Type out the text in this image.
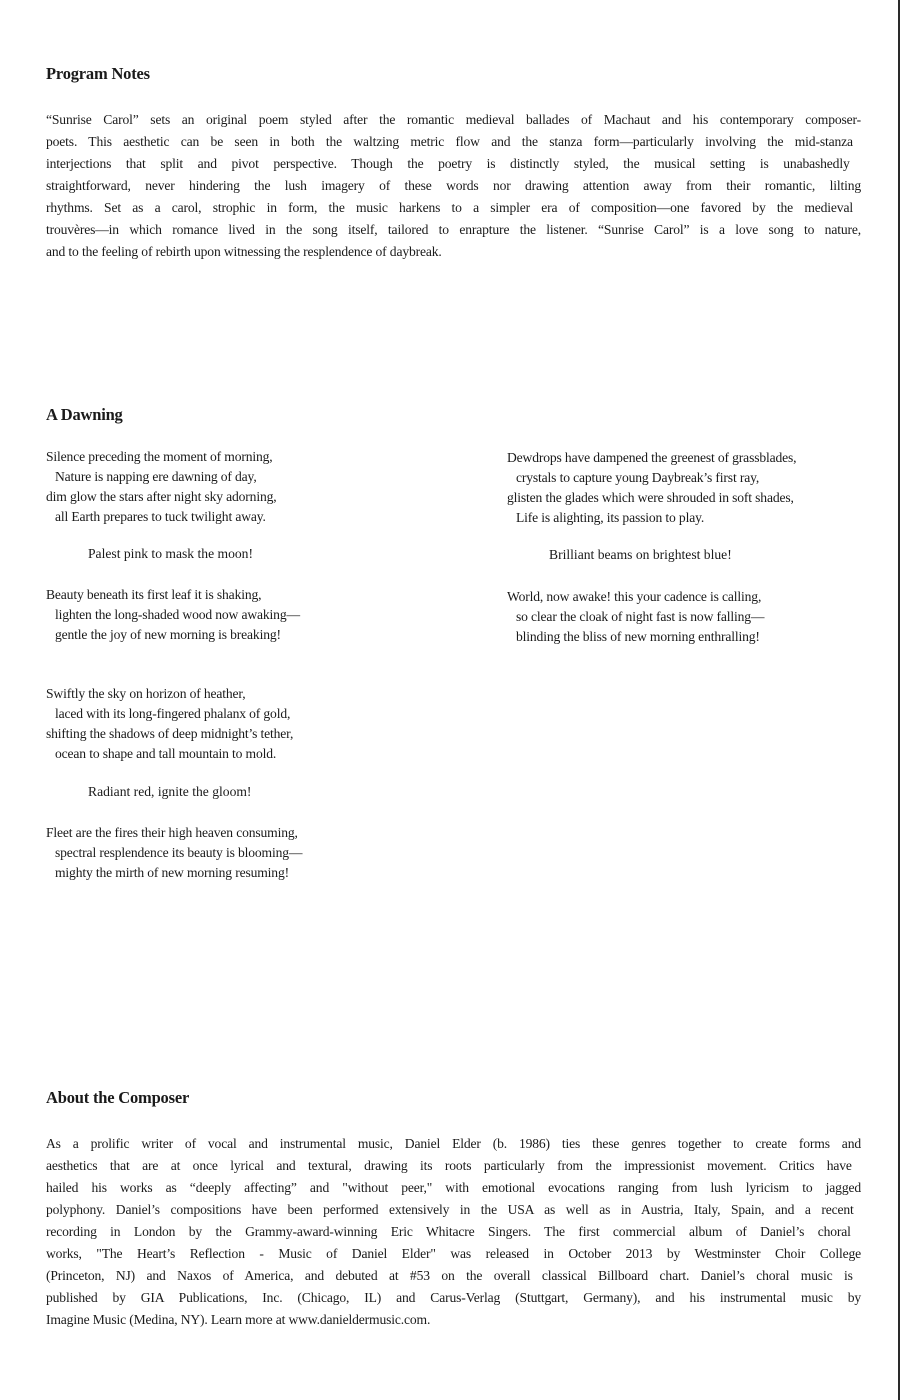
Program Notes
“Sunrise Carol” sets an original poem styled after the romantic medieval ballades of Machaut and his contemporary composer-
poets. This aesthetic can be seen in both the waltzing metric flow and the stanza form—particularly involving the mid-stanza
interjections that split and pivot perspective. Though the poetry is distinctly styled, the musical setting is unabashedly
straightforward, never hindering the lush imagery of these words nor drawing attention away from their romantic, lilting
rhythms. Set as a carol, strophic in form, the music harkens to a simpler era of composition—one favored by the medieval
trouvères—in which romance lived in the song itself, tailored to enrapture the listener. “Sunrise Carol” is a love song to nature,
and to the feeling of rebirth upon witnessing the resplendence of daybreak.
A Dawning
Silence preceding the moment of morning,
Nature is napping ere dawning of day,
dim glow the stars after night sky adorning,
all Earth prepares to tuck twilight away.
Palest pink to mask the moon!
Beauty beneath its first leaf it is shaking,
lighten the long-shaded wood now awaking—
gentle the joy of new morning is breaking!
Swiftly the sky on horizon of heather,
laced with its long-fingered phalanx of gold,
shifting the shadows of deep midnight’s tether,
ocean to shape and tall mountain to mold.
Radiant red, ignite the gloom!
Fleet are the fires their high heaven consuming,
spectral resplendence its beauty is blooming—
mighty the mirth of new morning resuming!
Dewdrops have dampened the greenest of grassblades,
crystals to capture young Daybreak’s first ray,
glisten the glades which were shrouded in soft shades,
Life is alighting, its passion to play.
Brilliant beams on brightest blue!
World, now awake! this your cadence is calling,
so clear the cloak of night fast is now falling—
blinding the bliss of new morning enthralling!
About the Composer
As a prolific writer of vocal and instrumental music, Daniel Elder (b. 1986) ties these genres together to create forms and
aesthetics that are at once lyrical and textural, drawing its roots particularly from the impressionist movement. Critics have
hailed his works as “deeply affecting” and "without peer," with emotional evocations ranging from lush lyricism to jagged
polyphony. Daniel’s compositions have been performed extensively in the USA as well as in Austria, Italy, Spain, and a recent
recording in London by the Grammy-award-winning Eric Whitacre Singers. The first commercial album of Daniel’s choral
works, "The Heart’s Reflection - Music of Daniel Elder" was released in October 2013 by Westminster Choir College
(Princeton, NJ) and Naxos of America, and debuted at #53 on the overall classical Billboard chart. Daniel’s choral music is
published by GIA Publications, Inc. (Chicago, IL) and Carus-Verlag (Stuttgart, Germany), and his instrumental music by
Imagine Music (Medina, NY). Learn more at www.danieldermusic.com.
